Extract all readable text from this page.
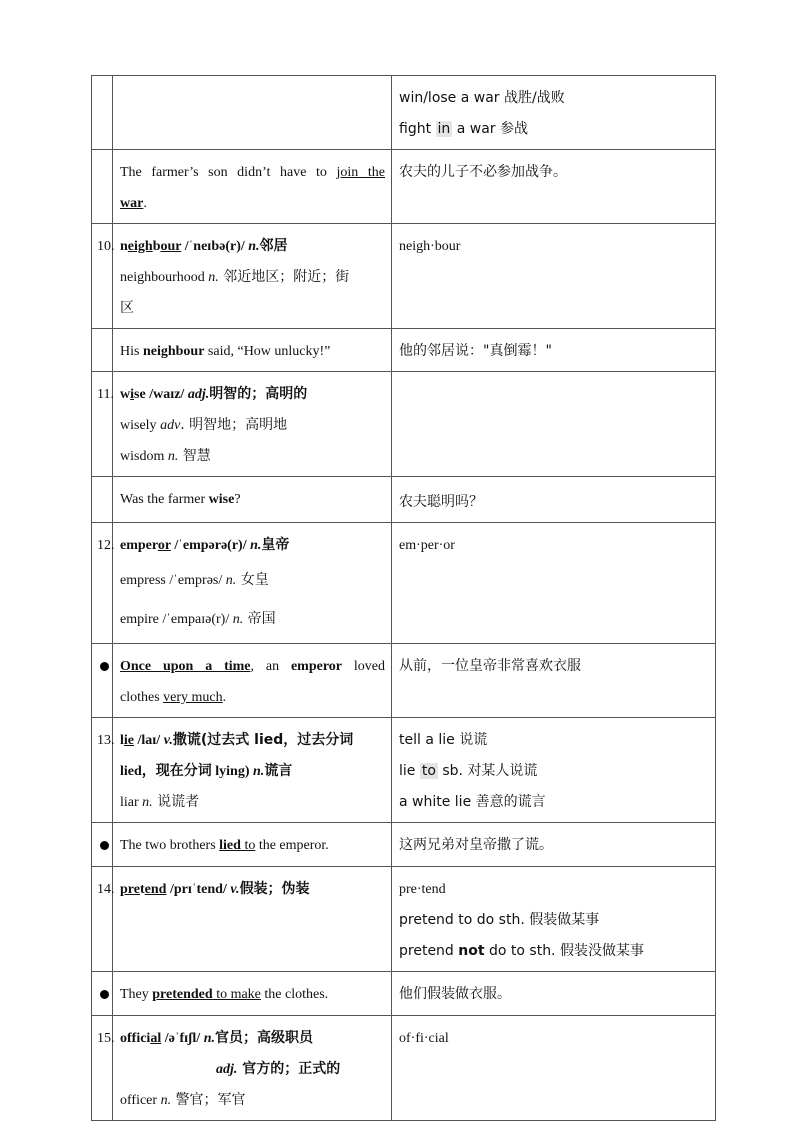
		win/lose a war 战胜/战败
fight in a war 参战

	The farmer’s son didn’t have to join the
war.	农夫的儿子不必参加战争。
10.	neighbour /ˈneɪbə(r)/ n.邻居
neighbourhood n. 邻近地区；附近；街
区	neigh·bour
	His neighbour said, “How unlucky!”	他的邻居说："真倒霉！"
11.	wise /waɪz/ adj.明智的；高明的
wisely adv. 明智地；高明地
wisdom n. 智慧	

	Was the farmer wise?	农夫聪明吗？
12.	emperor /ˈempərə(r)/ n.皇帝
empress /ˈemprəs/ n. 女皇
empire /ˈempaɪə(r)/ n. 帝国	em·per·or

	Once upon a time, an emperor loved
clothes very much.	从前，一位皇帝非常喜欢衣服
13.	lie /laɪ/ v.撒谎(过去式 lied，过去分词
lied，现在分词 lying) n.谎言
liar n. 说谎者	tell a lie 说谎
lie to sb. 对某人说谎
a white lie 善意的谎言

	The two brothers lied to the emperor.	这两兄弟对皇帝撒了谎。
14.	pretend /prɪˈtend/ v.假装；伪装	pre·tend
pretend to do sth. 假装做某事
pretend not do to sth. 假装没做某事

	They pretended to make the clothes.	他们假装做衣服。
15.	official /əˈfɪʃl/ n.官员；高级职员
adj. 官方的；正式的
officer n. 警官；军官	of·fi·cial
